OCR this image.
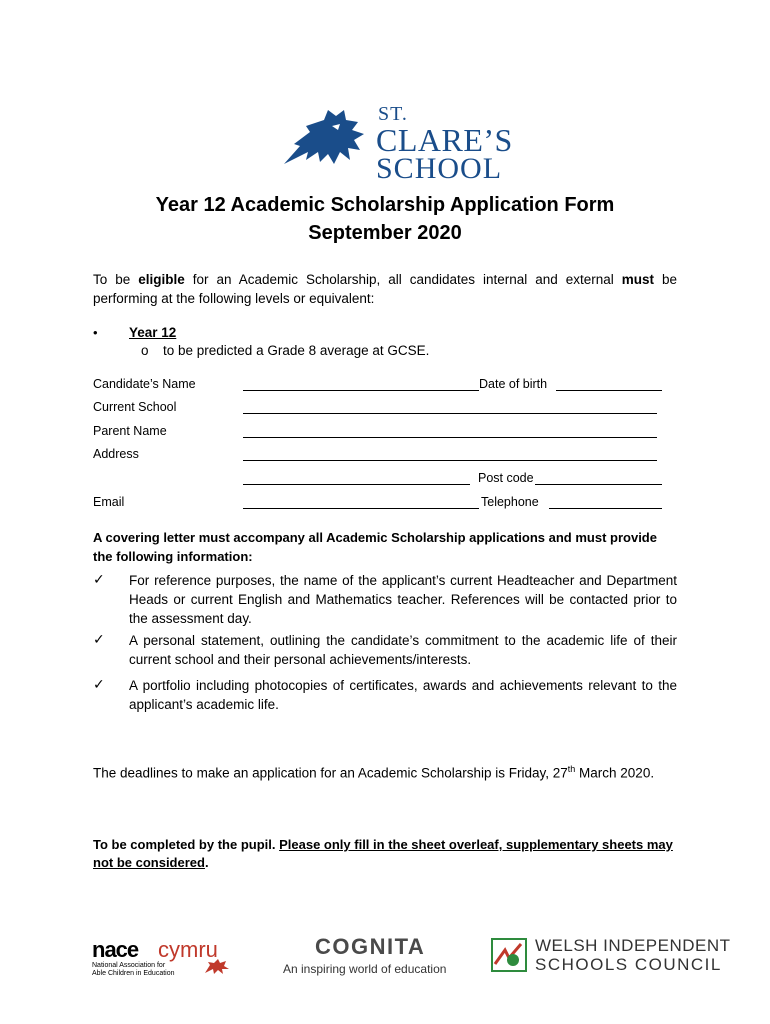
ST.
CLARE’S
SCHOOL
Year 12 Academic Scholarship Application Form
September 2020
To be eligible for an Academic Scholarship, all candidates internal and external must be performing at the following levels or equivalent:
• Year 12
o to be predicted a Grade 8 average at GCSE.
Candidate’s Name	Date of birth
Current School
Parent Name
Address
Post code
Email	Telephone
A covering letter must accompany all Academic Scholarship applications and must provide the following information:
✓ For reference purposes, the name of the applicant’s current Headteacher and Department Heads or current English and Mathematics teacher. References will be contacted prior to the assessment day.
✓ A personal statement, outlining the candidate’s commitment to the academic life of their current school and their personal achievements/interests.
✓ A portfolio including photocopies of certificates, awards and achievements relevant to the applicant’s academic life.
The deadlines to make an application for an Academic Scholarship is Friday, 27th March 2020.
To be completed by the pupil. Please only fill in the sheet overleaf, supplementary sheets may not be considered.
nace cymru
National Association for
Able Children in Education
COGNITA
An inspiring world of education
WELSH INDEPENDENT
SCHOOLS COUNCIL
